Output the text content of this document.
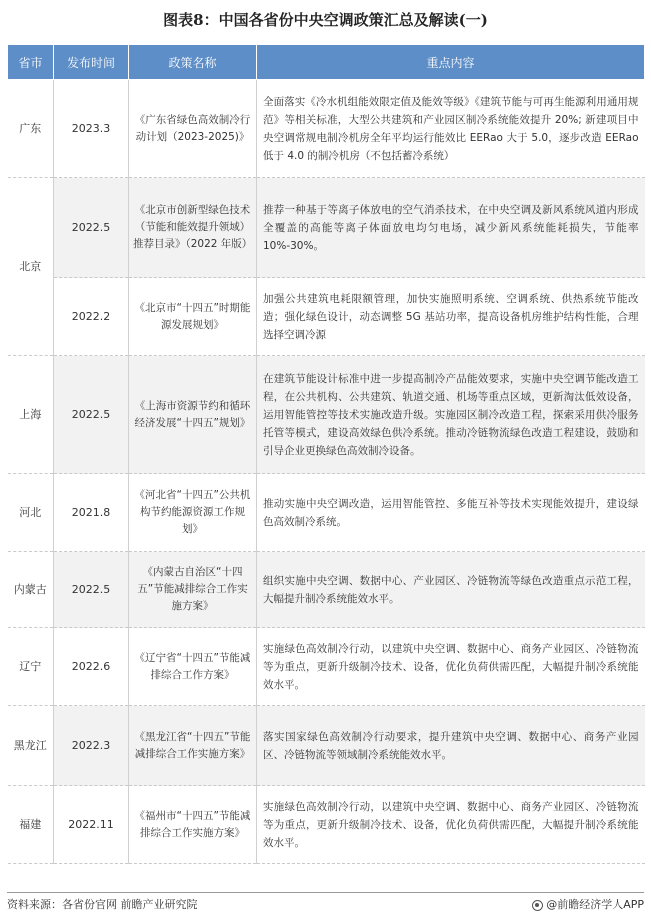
图表8：中国各省份中央空调政策汇总及解读(一)
省市	发布时间	政策名称	重点内容
广东	2023.3	《广东省绿色高效制冷行动计划（2023-2025)》	全面落实《冷水机组能效限定值及能效等级》《建筑节能与可再生能源利用通用规范》等相关标准，大型公共建筑和产业园区制冷系统能效提升 20%; 新建项目中央空调常规电制冷机房全年平均运行能效比 EERao 大于 5.0，逐步改造 EERao 低于 4.0 的制冷机房（不包括蓄冷系统）
北京	2022.5	《北京市创新型绿色技术（节能和能效提升领域）推荐目录》（2022 年版）	推荐一种基于等离子体放电的空气消杀技术，在中央空调及新风系统风道内形成全覆盖的高能等离子体面放电均匀电场，减少新风系统能耗损失，节能率 10%-30%。
	2022.2	《北京市“十四五”时期能源发展规划》	加强公共建筑电耗限额管理，加快实施照明系统、空调系统、供热系统节能改造；强化绿色设计，动态调整 5G 基站功率，提高设备机房维护结构性能，合理选择空调冷源
上海	2022.5	《上海市资源节约和循环经济发展“十四五”规划》	在建筑节能设计标准中进一步提高制冷产品能效要求，实施中央空调节能改造工程，在公共机构、公共建筑、轨道交通、机场等重点区域，更新淘汰低效设备，运用智能管控等技术实施改造升级。实施园区制冷改造工程，探索采用供冷服务托管等模式，建设高效绿色供冷系统。推动冷链物流绿色改造工程建设，鼓励和引导企业更换绿色高效制冷设备。
河北	2021.8	《河北省“十四五”公共机构节约能源资源工作规划》	推动实施中央空调改造，运用智能管控、多能互补等技术实现能效提升，建设绿色高效制冷系统。
内蒙古	2022.5	《内蒙古自治区“十四五”节能减排综合工作实施方案》	组织实施中央空调、数据中心、产业园区、冷链物流等绿色改造重点示范工程，大幅提升制冷系统能效水平。
辽宁	2022.6	《辽宁省“十四五”节能减排综合工作方案》	实施绿色高效制冷行动，以建筑中央空调、数据中心、商务产业园区、冷链物流等为重点，更新升级制冷技术、设备，优化负荷供需匹配，大幅提升制冷系统能效水平。
黑龙江	2022.3	《黑龙江省“十四五”节能减排综合工作实施方案》	落实国家绿色高效制冷行动要求，提升建筑中央空调、数据中心、商务产业园区、冷链物流等领域制冷系统能效水平。
福建	2022.11	《福州市“十四五”节能减排综合工作实施方案》	实施绿色高效制冷行动，以建筑中央空调、数据中心、商务产业园区、冷链物流等为重点，更新升级制冷技术、设备，优化负荷供需匹配，大幅提升制冷系统能效水平。
资料来源：各省份官网 前瞻产业研究院	@前瞻经济学人APP
